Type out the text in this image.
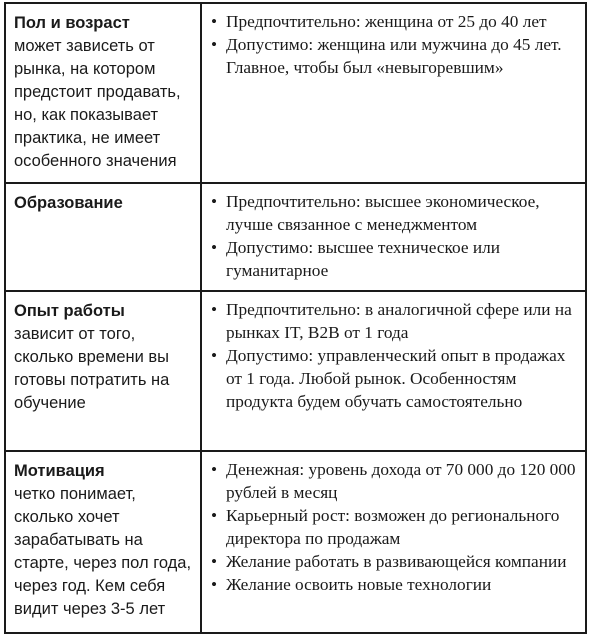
Пол и возраст
может зависеть от рынка, на котором предстоит продавать, но, как показывает практика, не имеет особенного значения
• Предпочтительно: женщина от 25 до 40 лет
• Допустимо: женщина или мужчина до 45 лет. Главное, чтобы был «невыгоревшим»
Образование
•	Предпочтительно: высшее экономическое, лучше связанное с менеджментом
• Допустимо: высшее техническое или гуманитарное
Опыт работы
зависит от того, сколько времени вы готовы потратить на обучение
• Предпочтительно: в аналогичной сфере или на рынках IT, B2B от 1 года
• Допустимо: управленческий опыт в продажах от 1 года. Любой рынок. Особенностям продукта будем обучать самостоятельно
Мотивация
четко понимает, сколько хочет зарабатывать на старте, через пол года, через год. Кем себя видит через 3-5 лет
• Денежная: уровень дохода от 70 000 до 120 000 рублей в месяц
• Карьерный рост: возможен до регионального директора по продажам
• Желание работать в развивающейся компании
• Желание освоить новые технологии
